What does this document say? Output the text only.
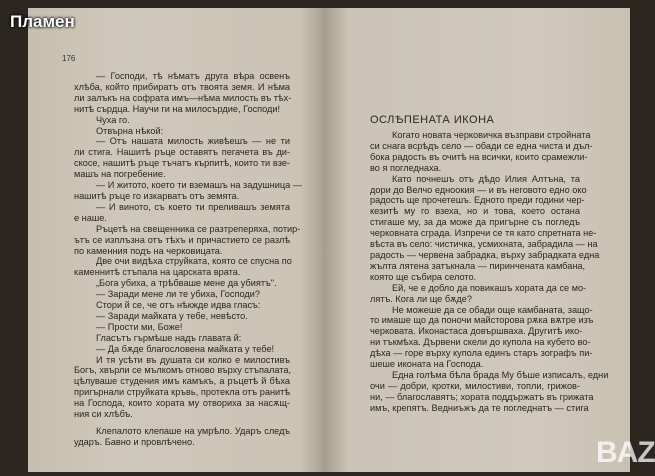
Пламен
176
— Господи, тѣ нѣматъ друга вѣра освенъ
хлѣба, който прибиратъ отъ твоята земя. И нѣма
ли залъкъ на софрата имъ—нѣма милость въ тѣх-
нитѣ сърдца. Научи ги на милосърдие, Господи!
Чуха го.
Отвърна нѣкой:
— Отъ нашата милость живѣешъ — не ти
ли стига. Нашитѣ ръце оставятъ пегачета въ ди-
скосе, нашитѣ ръце тъчатъ кърпитѣ, които ти взе-
машъ на погребение.
— И житото, което ти вземашъ на задушница —
нашитѣ ръце го изкарватъ отъ земята.
— И виното, съ което ти преливашъ земята
е наше.
Ръцетѣ на свещенника се разтреперяха, потир-
ътъ се изплъзна отъ тѣхъ и причастието се разлѣ
по каменния подъ на черковицата.
Две очи видѣха струйката, която се спусна по
каменнитѣ стъпала на царската врата.
„Бога убиха, а трѣбваше мене да убиятъ".
— Заради мене ли те убиха, Господи?
Стори й се, че отъ нѣкжде идва гласъ:
— Заради майката у тебе, невѣсто.
— Прости ми, Боже!
Гласътъ гърмѣше надъ главата й:
— Да бѫде благословена майката у тебе!
И тя усѣти въ душата си колко е милостивъ
Богъ, хвърли се мълкомъ отново върху стъпалата,
цѣлуваше студения имъ камъкъ, а ръцетѣ й бѣха
пригърнали струйката кръвь, протекла отъ ранитѣ
на Господа, които хората му отвориха за насѫщ-
ния си хлѣбъ.
Клепалото клепаше на умрѣло. Ударъ следъ
ударъ. Бавно и провлѣчено.
ОСЛѢПЕНАТА ИКОНА
Когато новата черковичка възправи стройната
си снага всрѣдъ село — обади се една чиста и дъл-
бока радость въ очитѣ на всички, които срамежли-
во я погледнаха.
Като почнешъ отъ дѣдо Илия Алтъна, та
дори до Велчо едноокия — и въ неговото едно око
радость ще прочетешъ. Едното преди години чер-
кезитѣ му го взеха, но и това, което остана
стигаше му, за да може да пригърне съ погледъ
черковната сграда. Изпречи се тя като спретната не-
вѣста въ село: чистичка, усмихната, забрадила — на
радость — червена забрадка, върху забрадката една
жълта лятена затъкнала — пиринчената камбана,
която ще събира селото.
Ей, че е добло да повикашъ хората да се мо-
лятъ. Кога ли ще бѫде?
Не можеше да се обади още камбаната, защо-
то имаше що да поночи майсторова рѫка вѫтре изъ
черковата. Иконастаса довършваха. Другитѣ ико-
ни тъкмѣха. Дървени скели до купола на кубето во-
дѣха — горе върху купола единъ старъ зографъ пи-
шеше иконата на Господа.
Една голѣма бѣла брада Му бѣше изписалъ, едни
очи — добри, кротки, милостиви, топли, грижов-
ни, — благославятъ; хората поддържатъ въ грижата
имъ, крепятъ. Ведниъжъ да те погледнатъ — стига
BAZ
